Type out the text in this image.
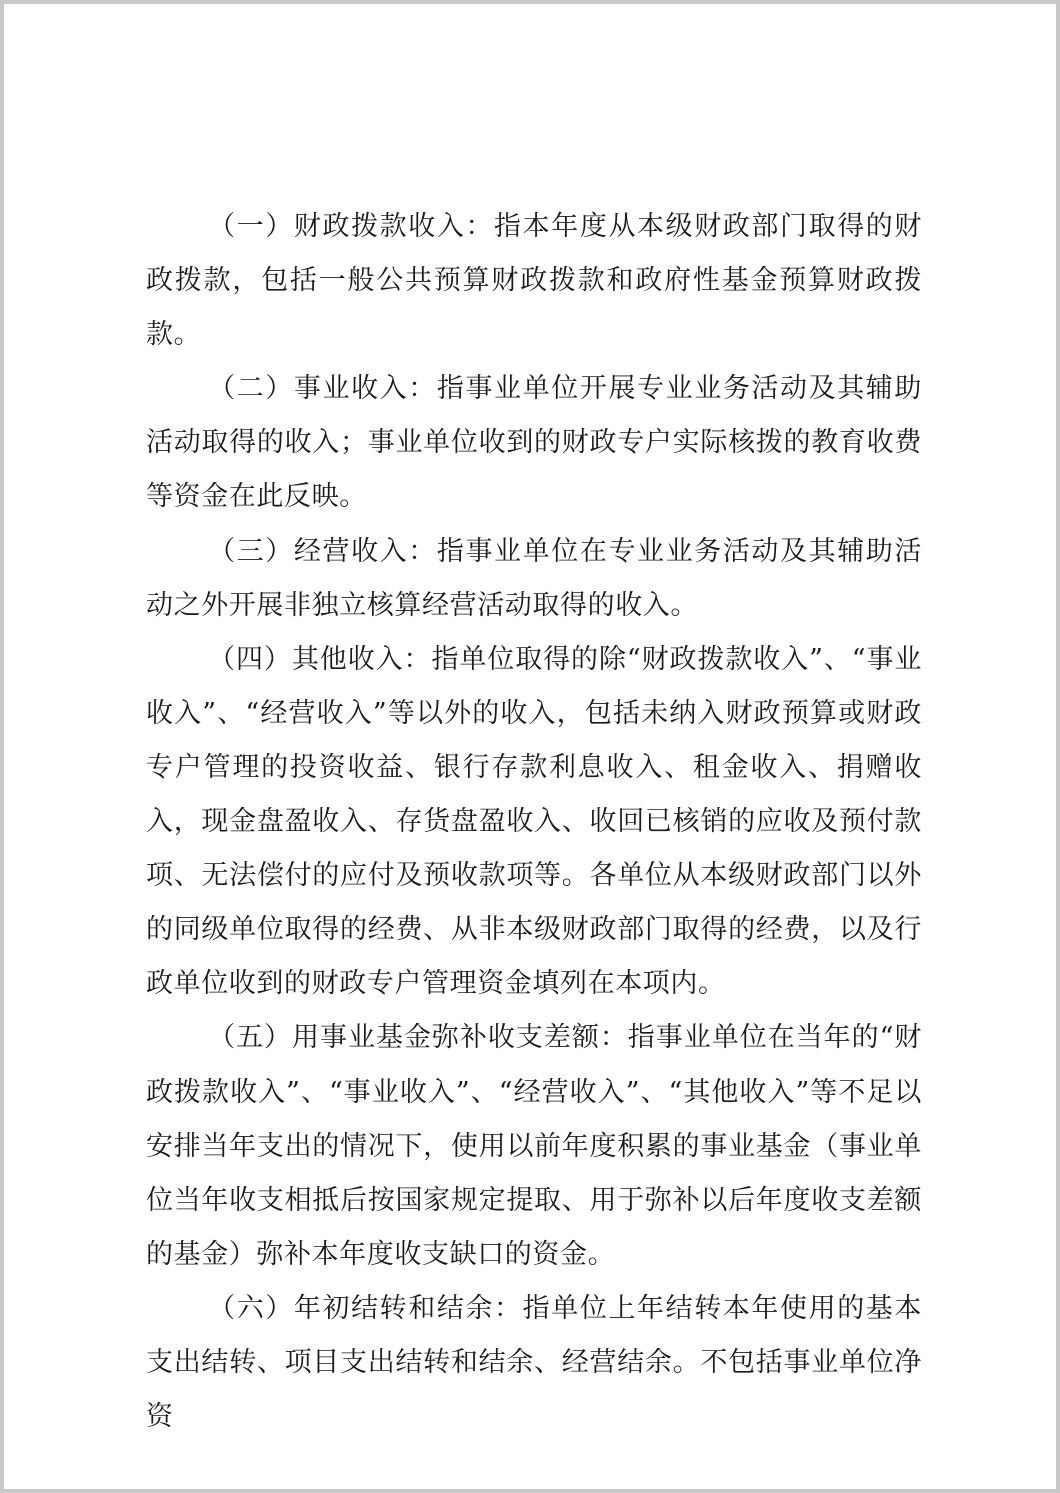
（一）财政拨款收入：指本年度从本级财政部门取得的财政拨款，包括一般公共预算财政拨款和政府性基金预算财政拨款。

（二）事业收入：指事业单位开展专业业务活动及其辅助活动取得的收入；事业单位收到的财政专户实际核拨的教育收费等资金在此反映。

（三）经营收入：指事业单位在专业业务活动及其辅助活动之外开展非独立核算经营活动取得的收入。

（四）其他收入：指单位取得的除“财政拨款收入”、“事业收入”、“经营收入”等以外的收入，包括未纳入财政预算或财政专户管理的投资收益、银行存款利息收入、租金收入、捐赠收入，现金盘盈收入、存货盘盈收入、收回已核销的应收及预付款项、无法偿付的应付及预收款项等。各单位从本级财政部门以外的同级单位取得的经费、从非本级财政部门取得的经费，以及行政单位收到的财政专户管理资金填列在本项内。

（五）用事业基金弥补收支差额：指事业单位在当年的“财政拨款收入”、“事业收入”、“经营收入”、“其他收入”等不足以安排当年支出的情况下，使用以前年度积累的事业基金（事业单位当年收支相抵后按国家规定提取、用于弥补以后年度收支差额的基金）弥补本年度收支缺口的资金。

（六）年初结转和结余：指单位上年结转本年使用的基本支出结转、项目支出结转和结余、经营结余。不包括事业单位净资
